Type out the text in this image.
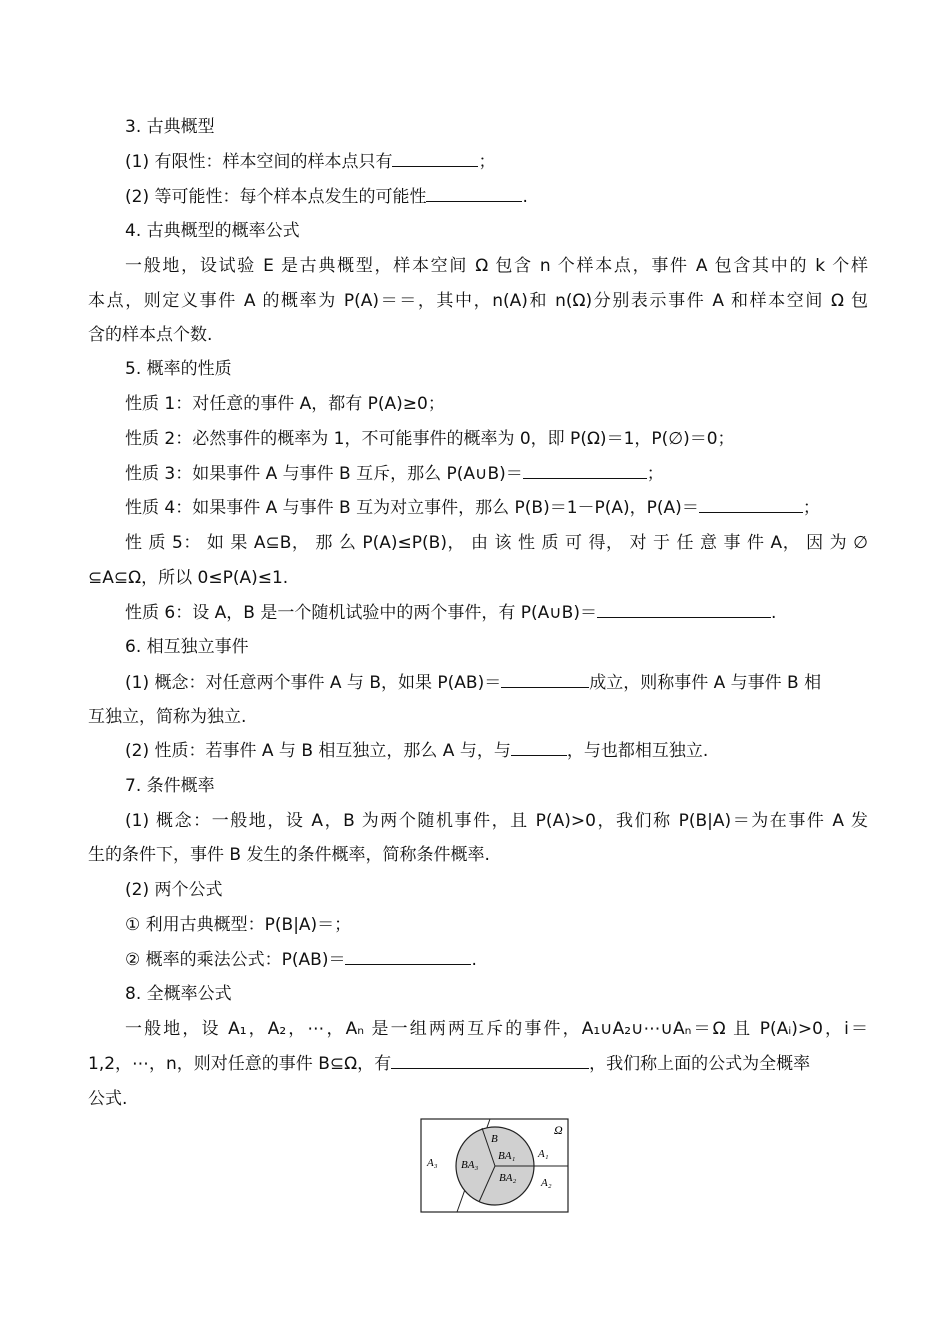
3. 古典概型
(1) 有限性：样本空间的样本点只有	；
(2) 等可能性：每个样本点发生的可能性	.
4. 古典概型的概率公式
一般地，设试验 E 是古典概型，样本空间 Ω 包含 n 个样本点，事件 A 包含其中的 k 个样
本点，则定义事件 A 的概率为 P(A)＝＝，其中，n(A)和 n(Ω)分别表示事件 A 和样本空间 Ω 包
含的样本点个数.
5. 概率的性质
性质 1：对任意的事件 A，都有 P(A)≥0；
性质 2：必然事件的概率为 1，不可能事件的概率为 0，即 P(Ω)＝1，P(∅)＝0；
性质 3：如果事件 A 与事件 B 互斥，那么 P(A∪B)＝	；
性质 4：如果事件 A 与事件 B 互为对立事件，那么 P(B)＝1－P(A)，P(A)＝	；
性 质 5： 如 果 A⊆B， 那 么 P(A)≤P(B)， 由 该 性 质 可 得， 对 于 任 意 事 件 A， 因 为 ∅
⊆A⊆Ω，所以 0≤P(A)≤1.
性质 6：设 A，B 是一个随机试验中的两个事件，有 P(A∪B)＝	.
6. 相互独立事件
(1) 概念：对任意两个事件 A 与 B，如果 P(AB)＝	成立，则称事件 A 与事件 B 相
互独立，简称为独立.
(2) 性质：若事件 A 与 B 相互独立，那么 A 与，与	，与也都相互独立.
7. 条件概率
(1) 概念：一般地，设 A，B 为两个随机事件，且 P(A)>0，我们称 P(B|A)＝为在事件 A 发
生的条件下，事件 B 发生的条件概率，简称条件概率.
(2) 两个公式
① 利用古典概型：P(B|A)＝；
② 概率的乘法公式：P(AB)＝	.
8. 全概率公式
一般地，设 A₁，A₂，⋯，Aₙ 是一组两两互斥的事件，A₁∪A₂∪⋯∪Aₙ＝Ω 且 P(Aᵢ)>0，i＝
1,2，⋯，n，则对任意的事件 B⊆Ω，有	，我们称上面的公式为全概率
公式.
Ω
B
BA₁
BA₂
BA₃
A₁
A₂
A₃
